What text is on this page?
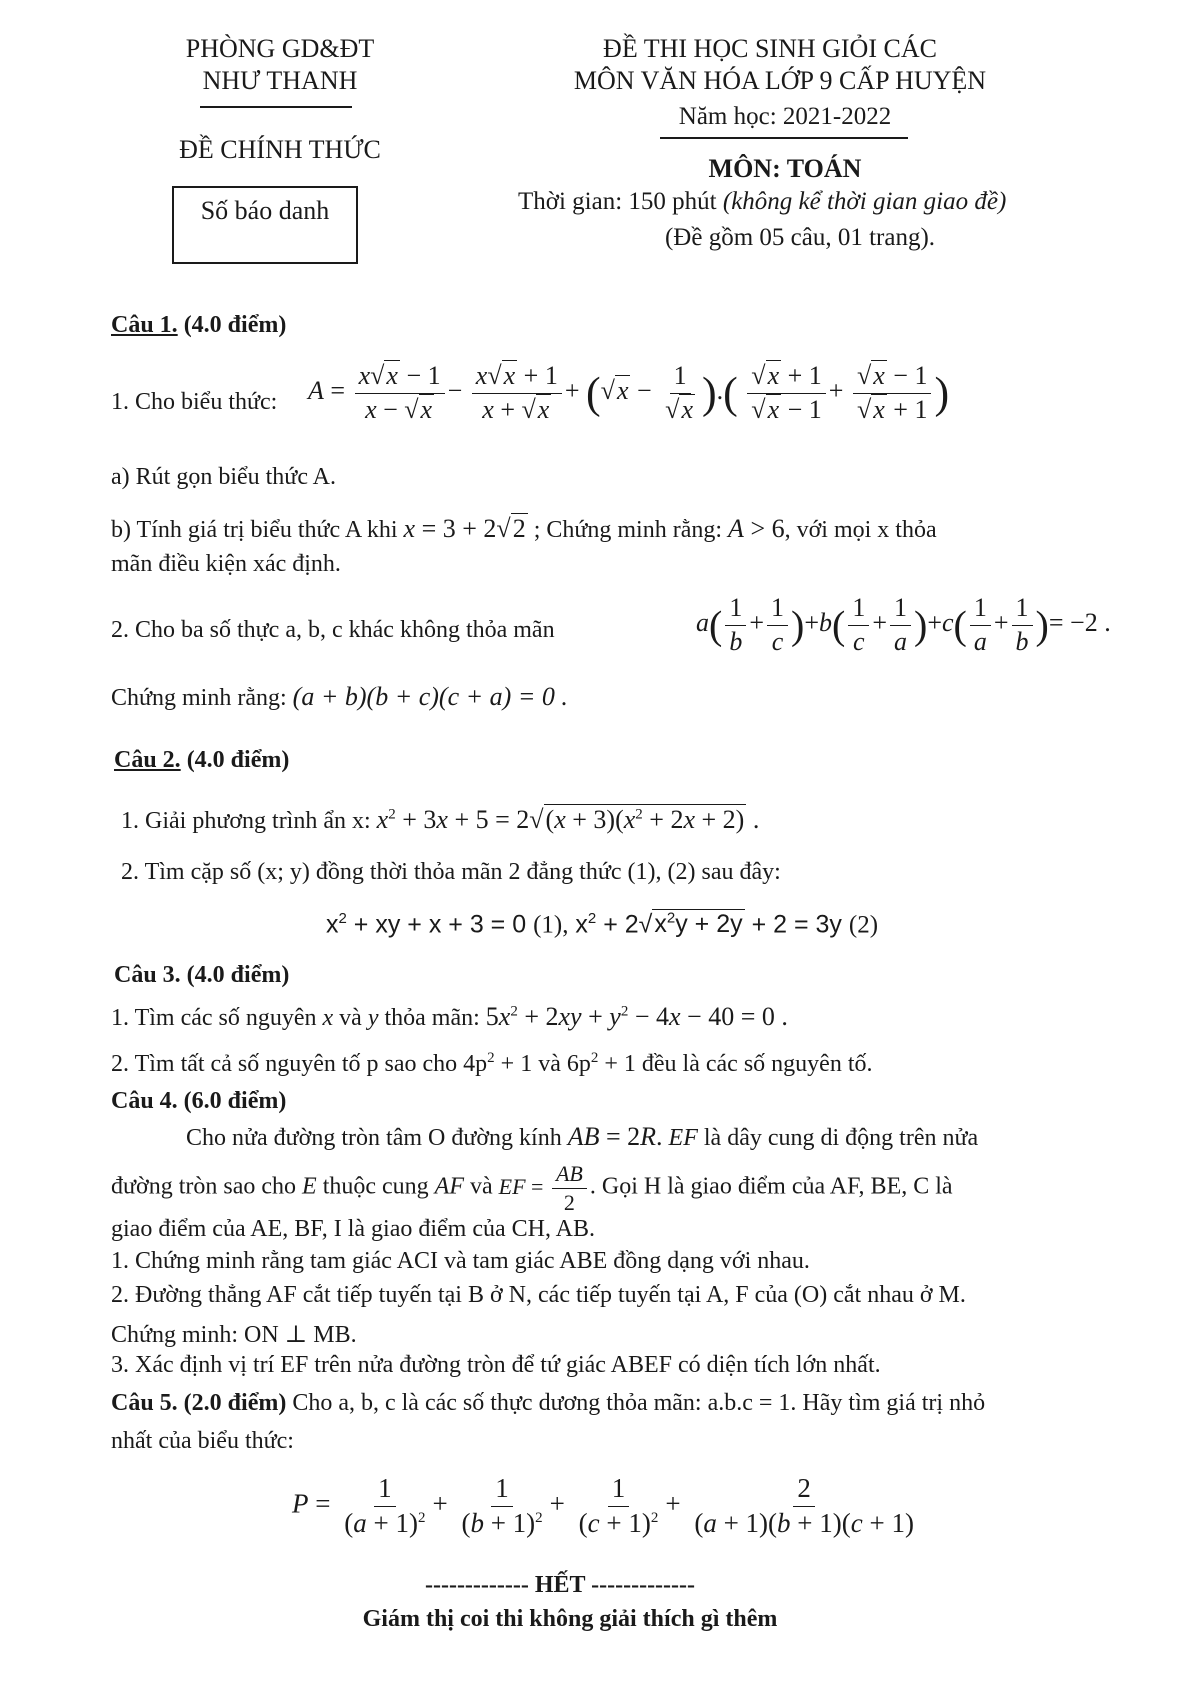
PHÒNG GD&ĐT
NHƯ THANH
ĐỀ CHÍNH THỨC
Số báo danh
ĐỀ THI HỌC SINH GIỎI CÁC
MÔN VĂN HÓA LỚP 9 CẤP HUYỆN
Năm học: 2021-2022
MÔN: TOÁN
Thời gian: 150 phút (không kể thời gian giao đề)
(Đề gồm 05 câu, 01 trang).
Câu 1. (4.0 điểm)
1. Cho biểu thức: $A = \frac{x√x - 1}{x - √x} - \frac{x√x + 1}{x + √x} + (√x - \frac{1}{√x}$ ).( $\frac{√x + 1}{√x - 1} + \frac{√x - 1}{√x + 1}$ )
a) Rút gọn biểu thức A.
b) Tính giá trị biểu thức A khi x = 3 + 2√2 ; Chứng minh rằng: A > 6, với mọi x thỏa
mãn điều kiện xác định.
2. Cho ba số thực a, b, c khác không thỏa mãn	$a( \frac{1}{b} + \frac{1}{c} )+b( \frac{1}{c} + \frac{1}{a} )+c( \frac{1}{a} + \frac{1}{b}$ )= −2 .
Chứng minh rằng: (a + b)(b + c)(c + a) = 0 .
Câu 2. (4.0 điểm)
1. Giải phương trình ẩn x: $x^2 + 3x + 5 = 2√(x + 3)(x^2 + 2x + 2)$ .
2. Tìm cặp số (x; y) đồng thời thỏa mãn 2 đẳng thức (1), (2) sau đây:
$x^2$ + xy + x + 3 = 0 (1), $x^2 + 2√x^2y + 2y + 2 = 3y$ (2)
Câu 3. (4.0 điểm)
1. Tìm các số nguyên x và y thỏa mãn: $5x^2 + 2xy + y^2 - 4x - 40 = 0$ .
2. Tìm tất cả số nguyên tố p sao cho $4p^2 + 1$ và $6p^2 + 1$ đều là các số nguyên tố.
Câu 4. (6.0 điểm)
Cho nửa đường tròn tâm O đường kính AB = 2R. EF là dây cung di động trên nửa
đường tròn sao cho E thuộc cung AF và EF = $\frac{AB}{2}$ . Gọi H là giao điểm của AF, BE, C là
giao điểm của AE, BF, I là giao điểm của CH, AB.
1. Chứng minh rằng tam giác ACI và tam giác ABE đồng dạng với nhau.
2. Đường thẳng AF cắt tiếp tuyến tại B ở N, các tiếp tuyến tại A, F của (O) cắt nhau ở M.
Chứng minh: ON ⊥ MB.
3. Xác định vị trí EF trên nửa đường tròn để tứ giác ABEF có diện tích lớn nhất.
Câu 5. (2.0 điểm) Cho a, b, c là các số thực dương thỏa mãn: a.b.c = 1. Hãy tìm giá trị nhỏ
nhất của biểu thức:
$P = \frac{1}{(a + 1)^2} + \frac{1}{(b + 1)^2} + \frac{1}{(c + 1)^2} + \frac{2}{(a + 1)(b + 1)(c + 1)}$
------------- HẾT -------------
Giám thị coi thi không giải thích gì thêm
